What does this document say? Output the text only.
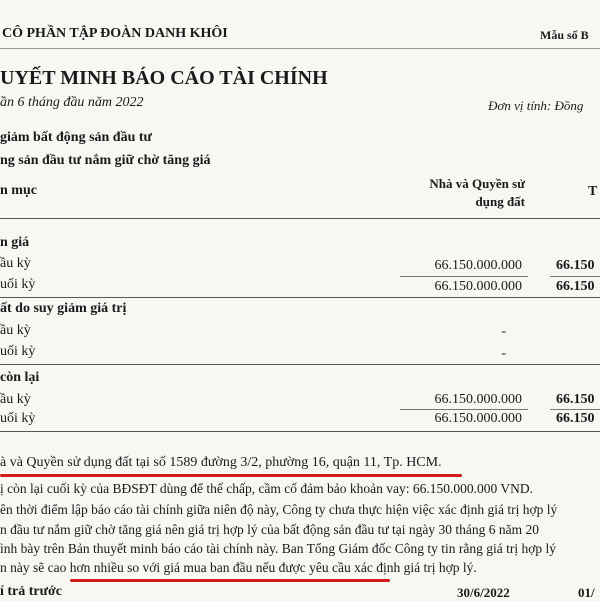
CÔ PHẦN TẬP ĐOÀN DANH KHÔI	Mẫu số B
UYẾT MINH BÁO CÁO TÀI CHÍNH
ần 6 tháng đầu năm 2022	Đơn vị tính: Đồng
giảm bất động sản đầu tư
ng sản đầu tư nắm giữ chờ tăng giá
n mục	Nhà và Quyền sử
dụng đất
T
n giá
ầu kỳ	66.150.000.000 66.150
uối kỳ	66.150.000.000 66.150
ất do suy giảm giá trị
ầu kỳ	-
uối kỳ	-
còn lại
ầu kỳ	66.150.000.000 66.150
uối kỳ	66.150.000.000 66.150
à và Quyền sử dụng đất tại số 1589 đường 3/2, phường 16, quận 11, Tp. HCM.
ị còn lại cuối kỳ của BĐSĐT dùng để thế chấp, cầm cố đảm bảo khoản vay: 66.150.000.000 VND.
ên thời điểm lập báo cáo tài chính giữa niên độ này, Công ty chưa thực hiện việc xác định giá trị hợp lý
n đầu tư nắm giữ chờ tăng giá nên giá trị hợp lý của bất động sản đầu tư tại ngày 30 tháng 6 năm 20
ình bày trên Bản thuyết minh báo cáo tài chính này. Ban Tổng Giám đốc Công ty tin rằng giá trị hợp lý
n này sẽ cao hơn nhiều so với giá mua ban đầu nếu được yêu cầu xác định giá trị hợp lý.
í trả trước	30/6/2022	01/
